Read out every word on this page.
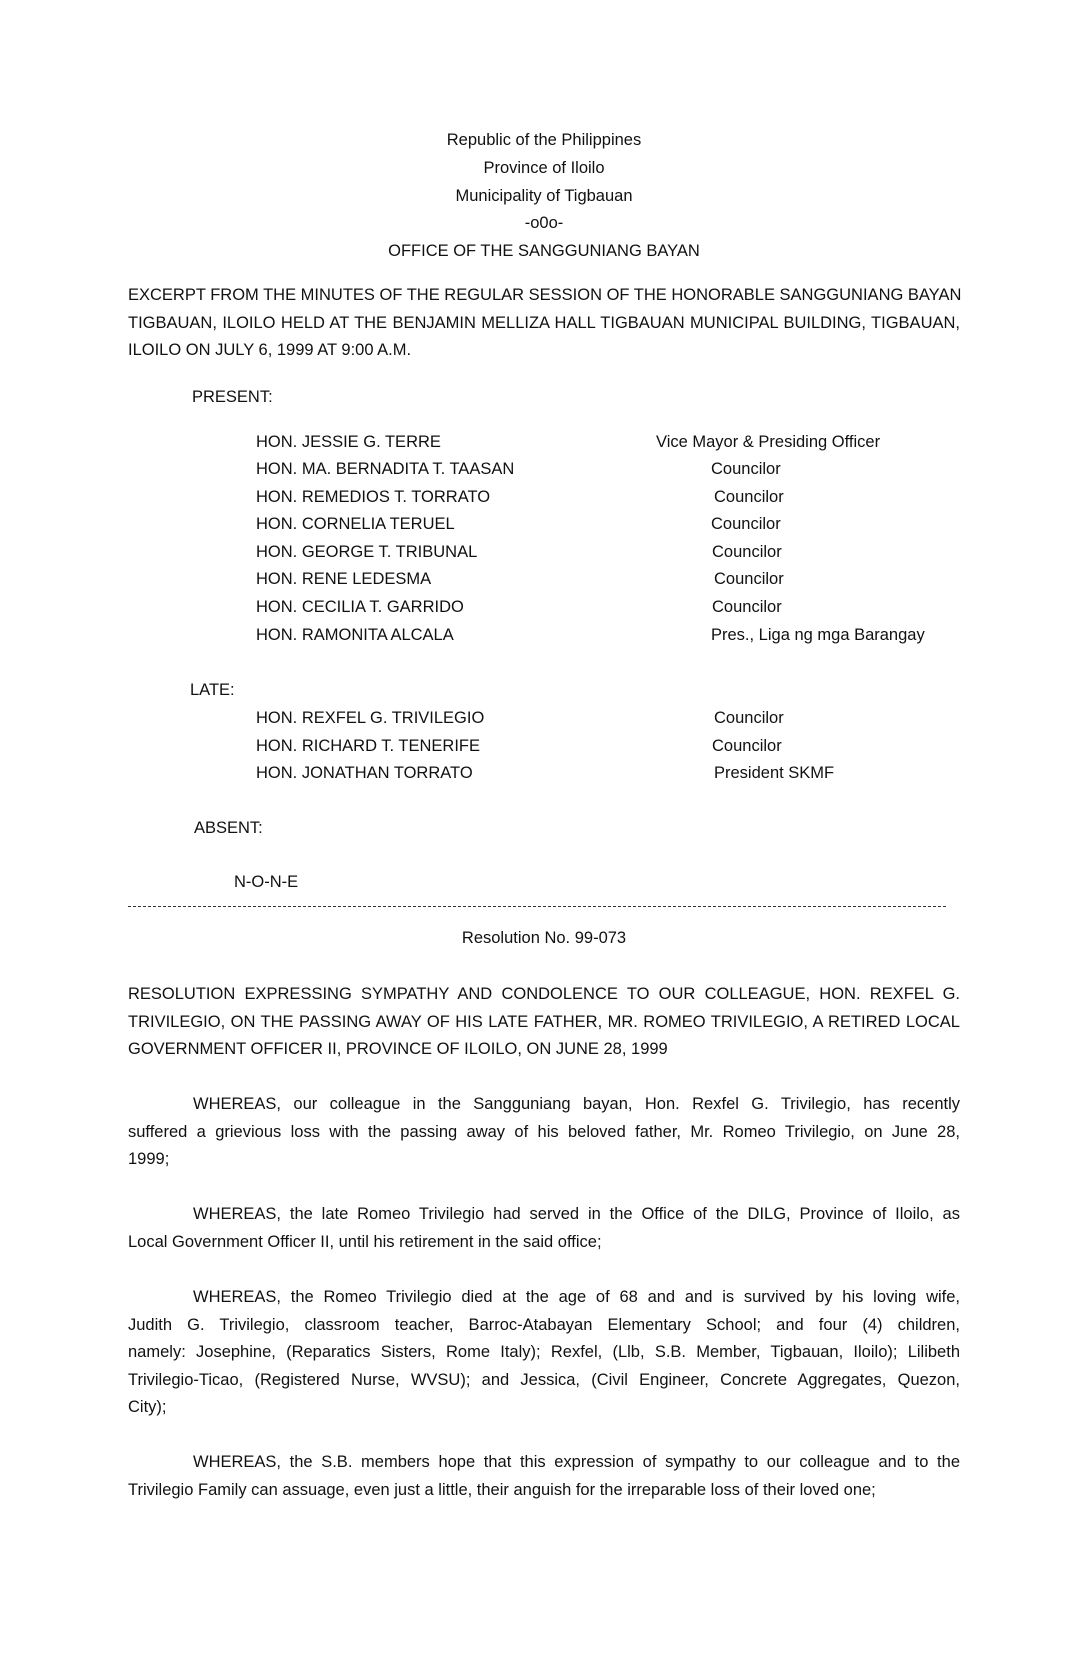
Republic of the Philippines
Province of Iloilo
Municipality of Tigbauan
-o0o-
OFFICE OF THE SANGGUNIANG BAYAN
EXCERPT FROM THE MINUTES OF THE REGULAR SESSION OF THE HONORABLE SANGGUNIANG BAYAN
TIGBAUAN, ILOILO HELD AT THE BENJAMIN MELLIZA HALL TIGBAUAN MUNICIPAL BUILDING, TIGBAUAN,
ILOILO ON JULY 6, 1999 AT 9:00 A.M.
PRESENT:
HON. JESSIE G. TERRE	Vice Mayor & Presiding Officer
HON. MA. BERNADITA T. TAASAN	Councilor
HON. REMEDIOS T. TORRATO	Councilor
HON. CORNELIA TERUEL	Councilor
HON. GEORGE T. TRIBUNAL	Councilor
HON. RENE LEDESMA	Councilor
HON. CECILIA T. GARRIDO	Councilor
HON. RAMONITA ALCALA	Pres., Liga ng mga Barangay
LATE:
HON. REXFEL G. TRIVILEGIO	Councilor
HON. RICHARD T. TENERIFE	Councilor
HON. JONATHAN TORRATO	President SKMF
ABSENT:
N-O-N-E
Resolution No. 99-073
RESOLUTION EXPRESSING SYMPATHY AND CONDOLENCE TO OUR COLLEAGUE, HON. REXFEL G.
TRIVILEGIO, ON THE PASSING AWAY OF HIS LATE FATHER, MR. ROMEO TRIVILEGIO, A RETIRED LOCAL
GOVERNMENT OFFICER II, PROVINCE OF ILOILO, ON JUNE 28, 1999
WHEREAS, our colleague in the Sangguniang bayan, Hon. Rexfel G. Trivilegio, has recently
suffered a grievious loss with the passing away of his beloved father, Mr. Romeo Trivilegio, on June 28,
1999;
WHEREAS, the late Romeo Trivilegio had served in the Office of the DILG, Province of Iloilo, as
Local Government Officer II, until his retirement in the said office;
WHEREAS, the Romeo Trivilegio died at the age of 68 and and is survived by his loving wife,
Judith G. Trivilegio, classroom teacher, Barroc-Atabayan Elementary School; and four (4) children,
namely: Josephine, (Reparatics Sisters, Rome Italy); Rexfel, (Llb, S.B. Member, Tigbauan, Iloilo); Lilibeth
Trivilegio-Ticao, (Registered Nurse, WVSU); and Jessica, (Civil Engineer, Concrete Aggregates, Quezon,
City);
WHEREAS, the S.B. members hope that this expression of sympathy to our colleague and to the
Trivilegio Family can assuage, even just a little, their anguish for the irreparable loss of their loved one;
